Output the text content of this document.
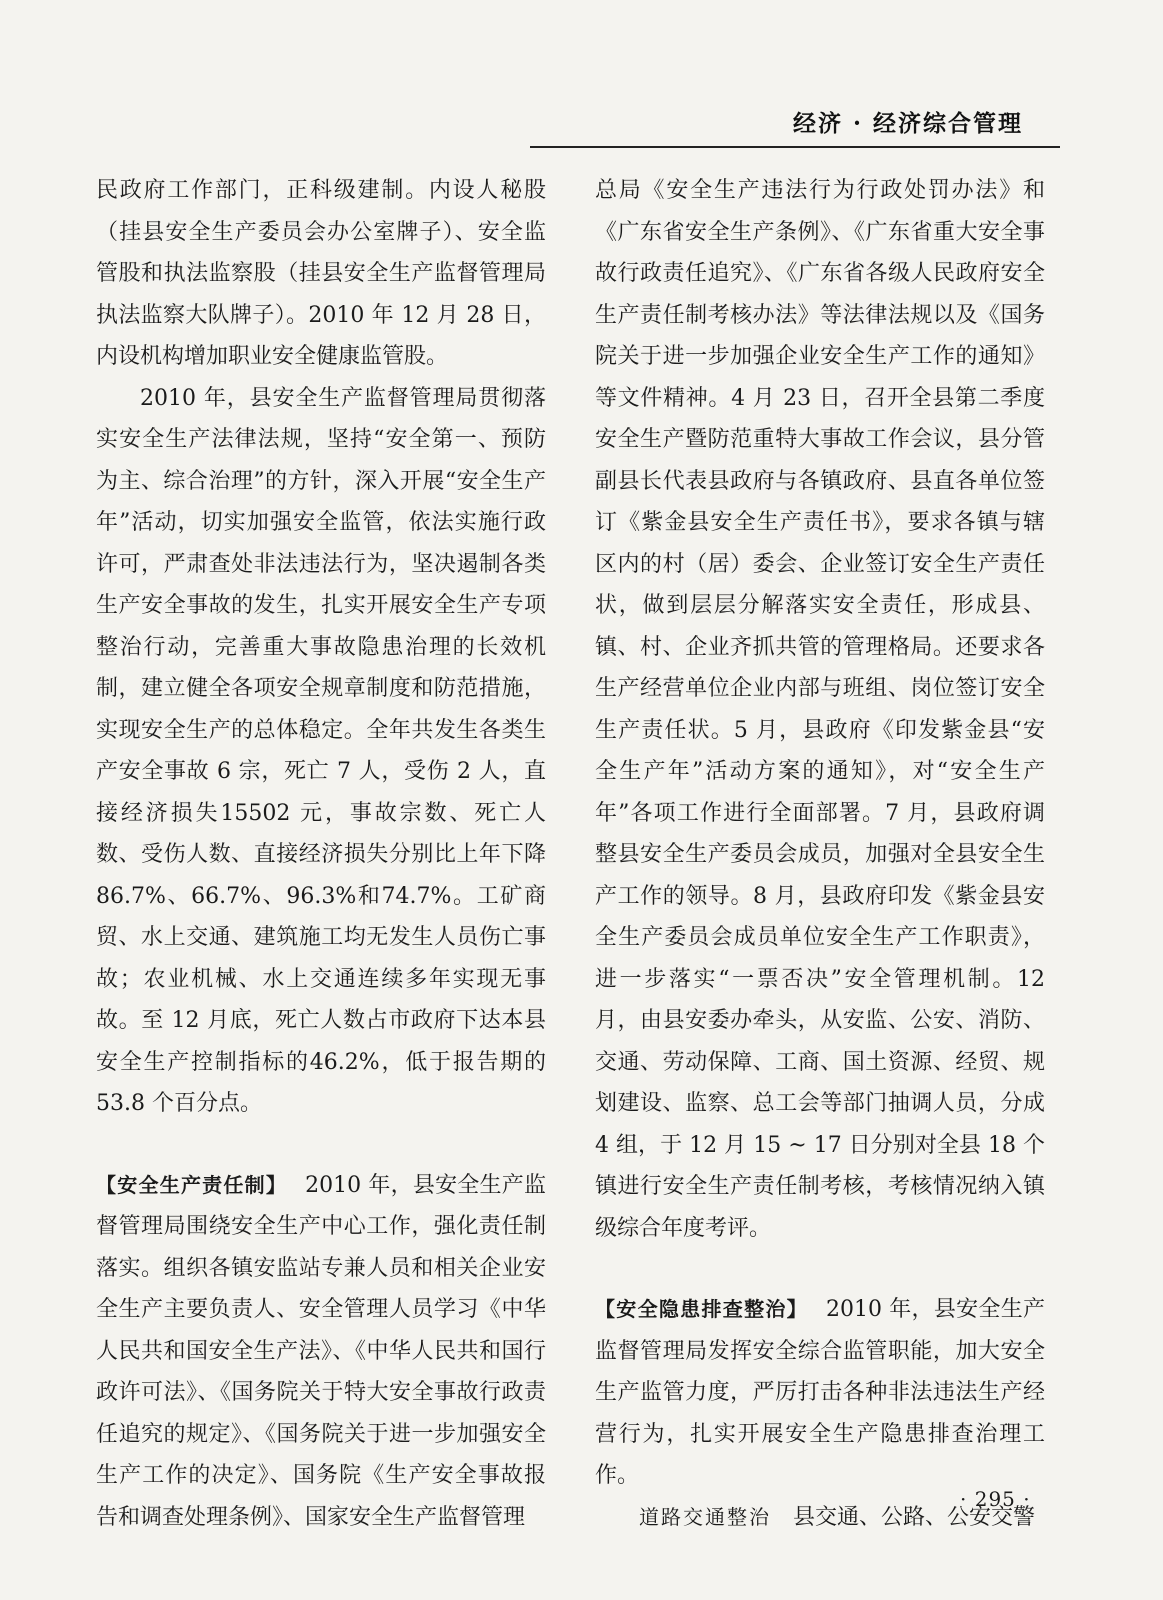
经济 · 经济综合管理

民政府工作部门，正科级建制。内设人秘股（挂县安全生产委员会办公室牌子）、安全监管股和执法监察股（挂县安全生产监督管理局执法监察大队牌子）。2010 年 12 月 28 日，内设机构增加职业安全健康监管股。

2010 年，县安全生产监督管理局贯彻落实安全生产法律法规，坚持“安全第一、预防为主、综合治理”的方针，深入开展“安全生产年”活动，切实加强安全监管，依法实施行政许可，严肃查处非法违法行为，坚决遏制各类生产安全事故的发生，扎实开展安全生产专项整治行动，完善重大事故隐患治理的长效机制，建立健全各项安全规章制度和防范措施，实现安全生产的总体稳定。全年共发生各类生产安全事故 6 宗，死亡 7 人，受伤 2 人，直接经济损失15502 元，事故宗数、死亡人数、受伤人数、直接经济损失分别比上年下降 86.7%、66.7%、96.3%和74.7%。工矿商贸、水上交通、建筑施工均无发生人员伤亡事故；农业机械、水上交通连续多年实现无事故。至 12 月底，死亡人数占市政府下达本县安全生产控制指标的46.2%，低于报告期的 53.8 个百分点。

【安全生产责任制】 2010 年，县安全生产监督管理局围绕安全生产中心工作，强化责任制落实。组织各镇安监站专兼人员和相关企业安全生产主要负责人、安全管理人员学习《中华人民共和国安全生产法》、《中华人民共和国行政许可法》、《国务院关于特大安全事故行政责任追究的规定》、《国务院关于进一步加强安全生产工作的决定》、国务院《生产安全事故报告和调查处理条例》、国家安全生产监督管理

总局《安全生产违法行为行政处罚办法》和《广东省安全生产条例》、《广东省重大安全事故行政责任追究》、《广东省各级人民政府安全生产责任制考核办法》等法律法规以及《国务院关于进一步加强企业安全生产工作的通知》等文件精神。4 月 23 日，召开全县第二季度安全生产暨防范重特大事故工作会议，县分管副县长代表县政府与各镇政府、县直各单位签订《紫金县安全生产责任书》，要求各镇与辖区内的村（居）委会、企业签订安全生产责任状，做到层层分解落实安全责任，形成县、镇、村、企业齐抓共管的管理格局。还要求各生产经营单位企业内部与班组、岗位签订安全生产责任状。5 月，县政府《印发紫金县“安全生产年”活动方案的通知》，对“安全生产年”各项工作进行全面部署。7 月，县政府调整县安全生产委员会成员，加强对全县安全生产工作的领导。8 月，县政府印发《紫金县安全生产委员会成员单位安全生产工作职责》，进一步落实“一票否决”安全管理机制。12 月，由县安委办牵头，从安监、公安、消防、交通、劳动保障、工商、国土资源、经贸、规划建设、监察、总工会等部门抽调人员，分成 4 组，于 12 月 15 ~ 17 日分别对全县 18 个镇进行安全生产责任制考核，考核情况纳入镇级综合年度考评。

【安全隐患排查整治】 2010 年，县安全生产监督管理局发挥安全综合监管职能，加大安全生产监管力度，严厉打击各种非法违法生产经营行为，扎实开展安全生产隐患排查治理工作。

道路交通整治 县交通、公路、公安交警

· 295 ·
